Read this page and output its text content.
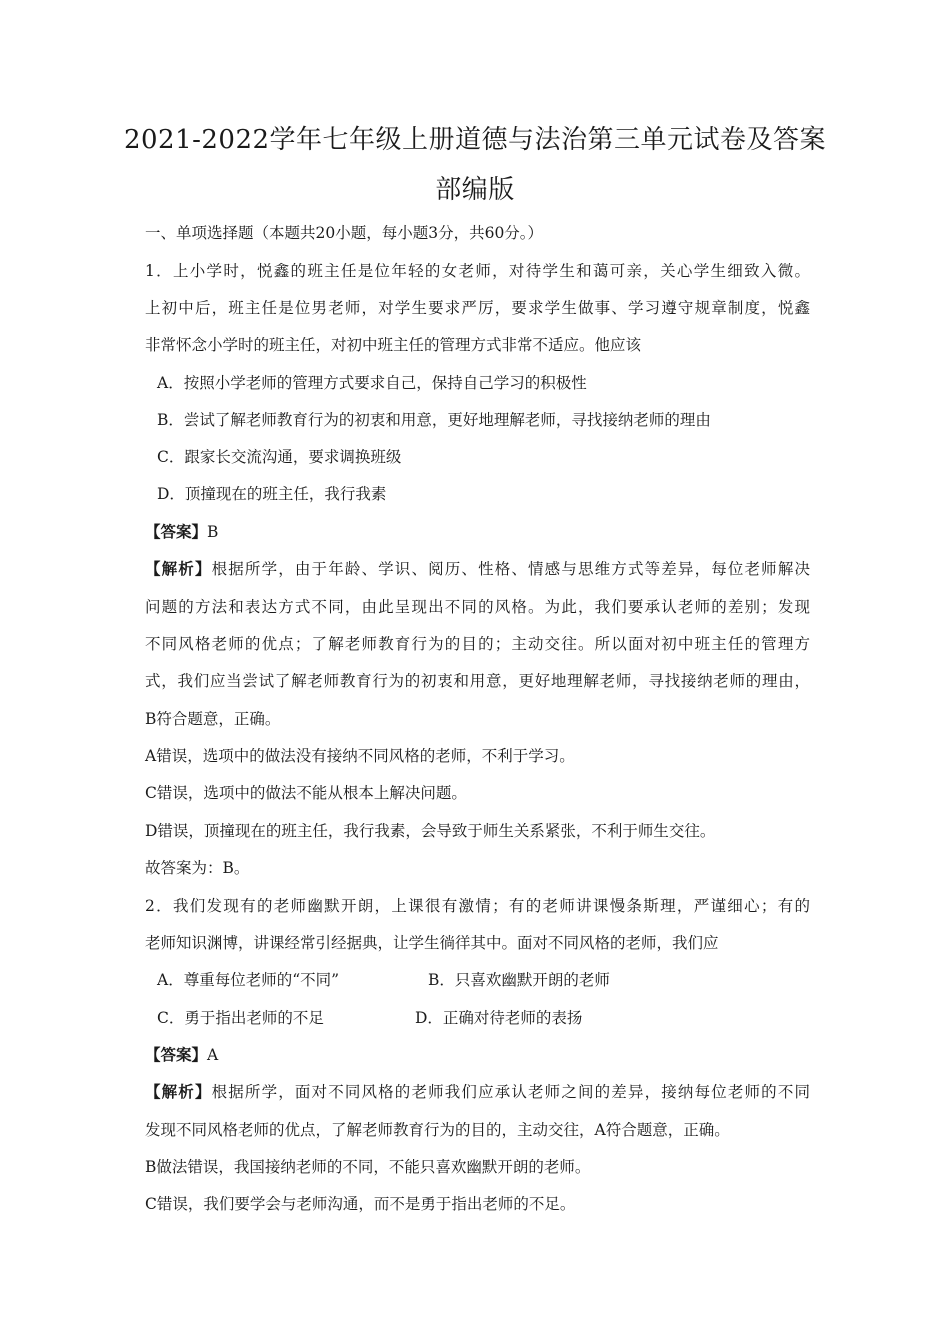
2021-2022学年七年级上册道德与法治第三单元试卷及答案
部编版
一、单项选择题（本题共20小题，每小题3分，共60分。）
1．上小学时，悦鑫的班主任是位年轻的女老师，对待学生和蔼可亲，关心学生细致入微。
上初中后，班主任是位男老师，对学生要求严厉，要求学生做事、学习遵守规章制度，悦鑫
非常怀念小学时的班主任，对初中班主任的管理方式非常不适应。他应该
A．按照小学老师的管理方式要求自己，保持自己学习的积极性
B．尝试了解老师教育行为的初衷和用意，更好地理解老师，寻找接纳老师的理由
C．跟家长交流沟通，要求调换班级
D．顶撞现在的班主任，我行我素
【答案】B
【解析】根据所学，由于年龄、学识、阅历、性格、情感与思维方式等差异，每位老师解决
问题的方法和表达方式不同，由此呈现出不同的风格。为此，我们要承认老师的差别；发现
不同风格老师的优点；了解老师教育行为的目的；主动交往。所以面对初中班主任的管理方
式，我们应当尝试了解老师教育行为的初衷和用意，更好地理解老师，寻找接纳老师的理由，
B符合题意，正确。
A错误，选项中的做法没有接纳不同风格的老师，不利于学习。
C错误，选项中的做法不能从根本上解决问题。
D错误，顶撞现在的班主任，我行我素，会导致于师生关系紧张，不利于师生交往。
故答案为：B。
2．我们发现有的老师幽默开朗，上课很有激情；有的老师讲课慢条斯理，严谨细心；有的
老师知识渊博，讲课经常引经据典，让学生徜徉其中。面对不同风格的老师，我们应
A．尊重每位老师的“不同”	B．只喜欢幽默开朗的老师
C．勇于指出老师的不足	D．正确对待老师的表扬
【答案】A
【解析】根据所学，面对不同风格的老师我们应承认老师之间的差异，接纳每位老师的不同
发现不同风格老师的优点，了解老师教育行为的目的，主动交往，A符合题意，正确。
B做法错误，我国接纳老师的不同，不能只喜欢幽默开朗的老师。
C错误，我们要学会与老师沟通，而不是勇于指出老师的不足。
